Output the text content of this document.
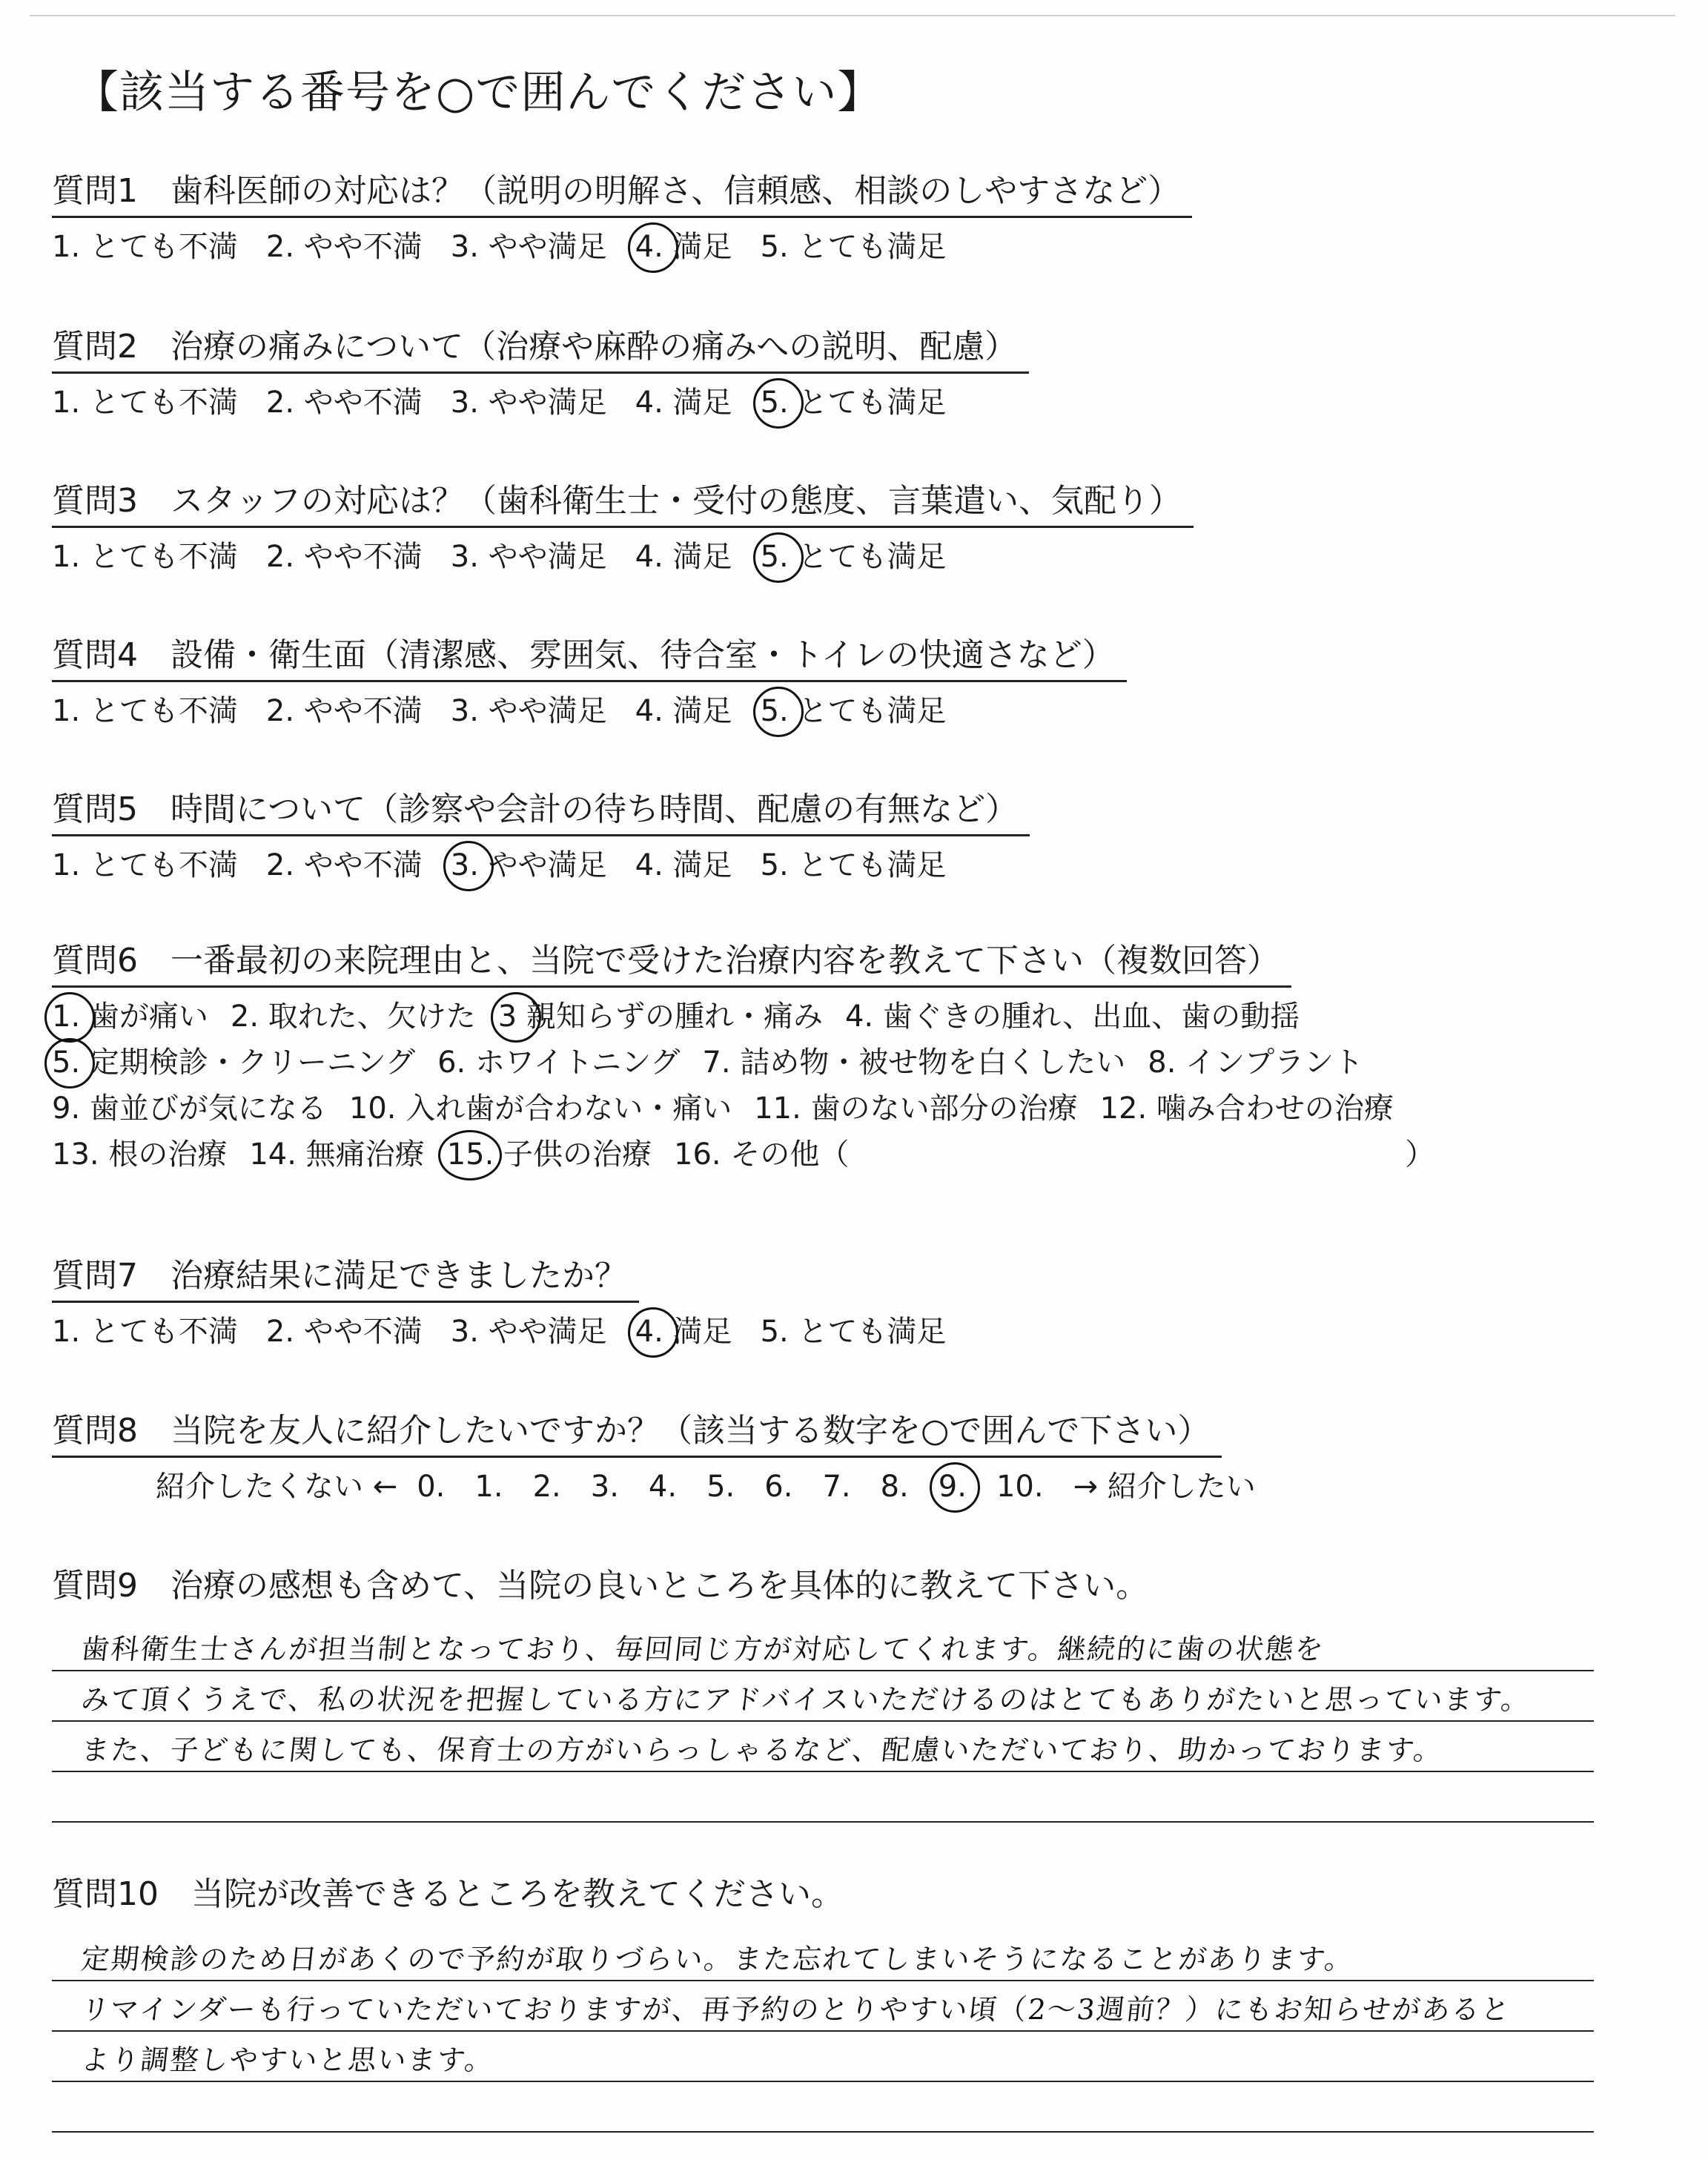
【該当する番号を○で囲んでください】
質問1 歯科医師の対応は？（説明の明解さ、信頼感、相談のしやすさなど）
1. とても不満 2. やや不満 3. やや満足 4. 満足 5. とても満足
質問2 治療の痛みについて（治療や麻酔の痛みへの説明、配慮）
1. とても不満 2. やや不満 3. やや満足 4. 満足 5. とても満足
質問3 スタッフの対応は？（歯科衛生士・受付の態度、言葉遣い、気配り）
1. とても不満 2. やや不満 3. やや満足 4. 満足 5. とても満足
質問4 設備・衛生面（清潔感、雰囲気、待合室・トイレの快適さなど）
1. とても不満 2. やや不満 3. やや満足 4. 満足 5. とても満足
質問5 時間について（診察や会計の待ち時間、配慮の有無など）
1. とても不満 2. やや不満 3. やや満足 4. 満足 5. とても満足
質問6 一番最初の来院理由と、当院で受けた治療内容を教えて下さい（複数回答）
1. 歯が痛い 2. 取れた、欠けた 3 親知らずの腫れ・痛み 4. 歯ぐきの腫れ、出血、歯の動揺
5. 定期検診・クリーニング 6. ホワイトニング 7. 詰め物・被せ物を白くしたい 8. インプラント
9. 歯並びが気になる 10. 入れ歯が合わない・痛い 11. 歯のない部分の治療 12. 噛み合わせの治療
13. 根の治療 14. 無痛治療 15. 子供の治療 16. その他（	）
質問7 治療結果に満足できましたか？
1. とても不満 2. やや不満 3. やや満足 4. 満足 5. とても満足
質問8 当院を友人に紹介したいですか？（該当する数字を○で囲んで下さい）
紹介したくない ← 0. 1. 2. 3. 4. 5. 6. 7. 8. 9. 10. → 紹介したい
質問9 治療の感想も含めて、当院の良いところを具体的に教えて下さい。
歯科衛生士さんが担当制となっており、毎回同じ方が対応してくれます。継続的に歯の状態を
みて頂くうえで、私の状況を把握している方にアドバイスいただけるのはとてもありがたいと思っています。
また、子どもに関しても、保育士の方がいらっしゃるなど、配慮いただいており、助かっております。
質問10 当院が改善できるところを教えてください。
定期検診のため日があくので予約が取りづらい。また忘れてしまいそうになることがあります。
リマインダーも行っていただいておりますが、再予約のとりやすい頃（2〜3週前？）にもお知らせがあると
より調整しやすいと思います。
